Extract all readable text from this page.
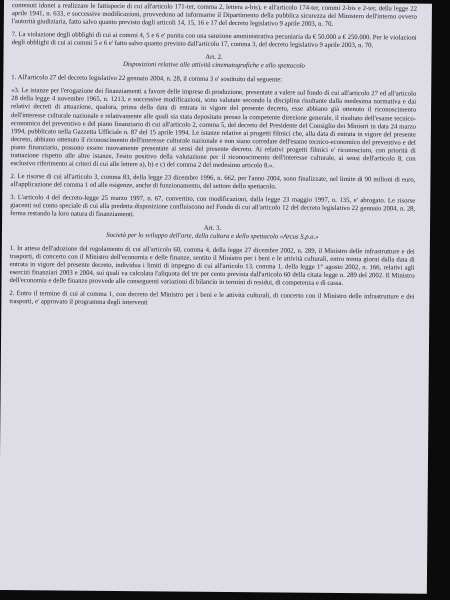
contenuti idonei a realizzare le fattispecie di cui all'articolo 171-ter, comma 2, lettera a-bis), e all'articolo 174-ter, commi 2-bis e 2-ter, della legge 22 aprile 1941, n. 633, e successive modificazioni, provvedono ad informarne il Dipartimento della pubblica sicurezza del Ministero dell'interno ovvero l'autorità giudiziaria, fatto salvo quanto previsto dagli articoli 14, 15, 16 e 17 del decreto legislativo 9 aprile 2003, n. 70.

7. La violazione degli obblighi di cui ai commi 4, 5 e 6 e' punita con una sanzione amministrativa pecuniaria da € 50.000 a € 250.000. Per le violazioni degli obblighi di cui ai commi 5 e 6 e' fatto salvo quanto previsto dall'articolo 17, comma 3, del decreto legislativo 9 aprile 2003, n. 70.

Art. 2.

Disposizioni relative alle attività cinematografiche e allo spettacolo

1. All'articolo 27 del decreto legislativo 22 gennaio 2004, n. 28, il comma 3 e' sostituito dal seguente:

«3. Le istanze per l'erogazione dei finanziamenti a favore delle imprese di produzione, presentate a valere sul fondo di cui all'articolo 27 ed all'articolo 28 della legge 4 novembre 1965, n. 1213, e successive modificazioni, sono valutate secondo la disciplina risultante dalla medesima normativa e dai relativi decreti di attuazione, qualora, prima della data di entrata in vigore del presente decreto, esse abbiano già ottenuto il riconoscimento dell'interesse culturale nazionale e relativamente alle quali sia stata depositato presso la competente direzione generale, il risultato dell'esame tecnico-economico del preventivo e del piano finanziario di cui all'articolo 2, comma 5, del decreto del Presidente del Consiglio dei Ministri in data 24 marzo 1994, pubblicato nella Gazzetta Ufficiale n. 87 del 15 aprile 1994. Le istanze relative ai progetti filmici che, alla data di entrata in vigore del presente decreto, abbiano ottenuto il riconoscimento dell'interesse culturale nazionale e non siano corredate dell'esame tecnico-economico del preventivo e del piano finanziario, possono essere nuovamente presentate ai sensi del presente decreto. Ai relativi progetti filmici e' riconosciuto, con priorità di trattazione rispetto alle altre istanze, l'esito positivo della valutazione per il riconoscimento dell'interesse culturale, ai sensi dell'articolo 8, con esclusivo riferimento ai criteri di cui alle lettere a), b) e c) del comma 2 del medesimo articolo 8.».

2. Le risorse di cui all'articolo 3, comma 83, della legge 23 dicembre 1996, n. 662, per l'anno 2004, sono finalizzate, nel limite di 90 milioni di euro, all'applicazione del comma 1 ed alle esigenze, anche di funzionamento, del settore dello spettacolo.

3. L'articolo 4 del decreto-legge 25 marzo 1997, n. 67, convertito, con modificazioni, dalla legge 23 maggio 1997, n. 135, e' abrogato. Le risorse giacenti sul conto speciale di cui alla predetta disposizione confluiscono nel Fondo di cui all'articolo 12 del decreto legislativo 22 gennaio 2004, n. 28, ferma restando la loro natura di finanziamenti.

Art. 3.

Società per lo sviluppo dell'arte, della cultura e dello spettacolo «Arcus S.p.a.»

1. In attesa dell'adozione del regolamento di cui all'articolo 60, comma 4, della legge 27 dicembre 2002, n. 289, il Ministro delle infrastrutture e dei trasporti, di concerto con il Ministro dell'economia e delle finanze, sentito il Ministro per i beni e le attività culturali, entro trenta giorni dalla data di entrata in vigore del presente decreto, individua i limiti di impegno di cui all'articolo 13, comma 1, della legge 1° agosto 2002, n. 166, relativi agli esercizi finanziari 2003 e 2004, sui quali va calcolata l'aliquota del tre per cento prevista dall'articolo 60 della citata legge n. 289 del 2002. Il Ministro dell'economia e delle finanze provvede alle conseguenti variazioni di bilancio in termini di residui, di competenza e di cassa.

2. Entro il termine di cui al comma 1, con decreto del Ministro per i beni e le attività culturali, di concerto con il Ministro delle infrastrutture e dei trasporti, e' approvato il programma degli interventi
